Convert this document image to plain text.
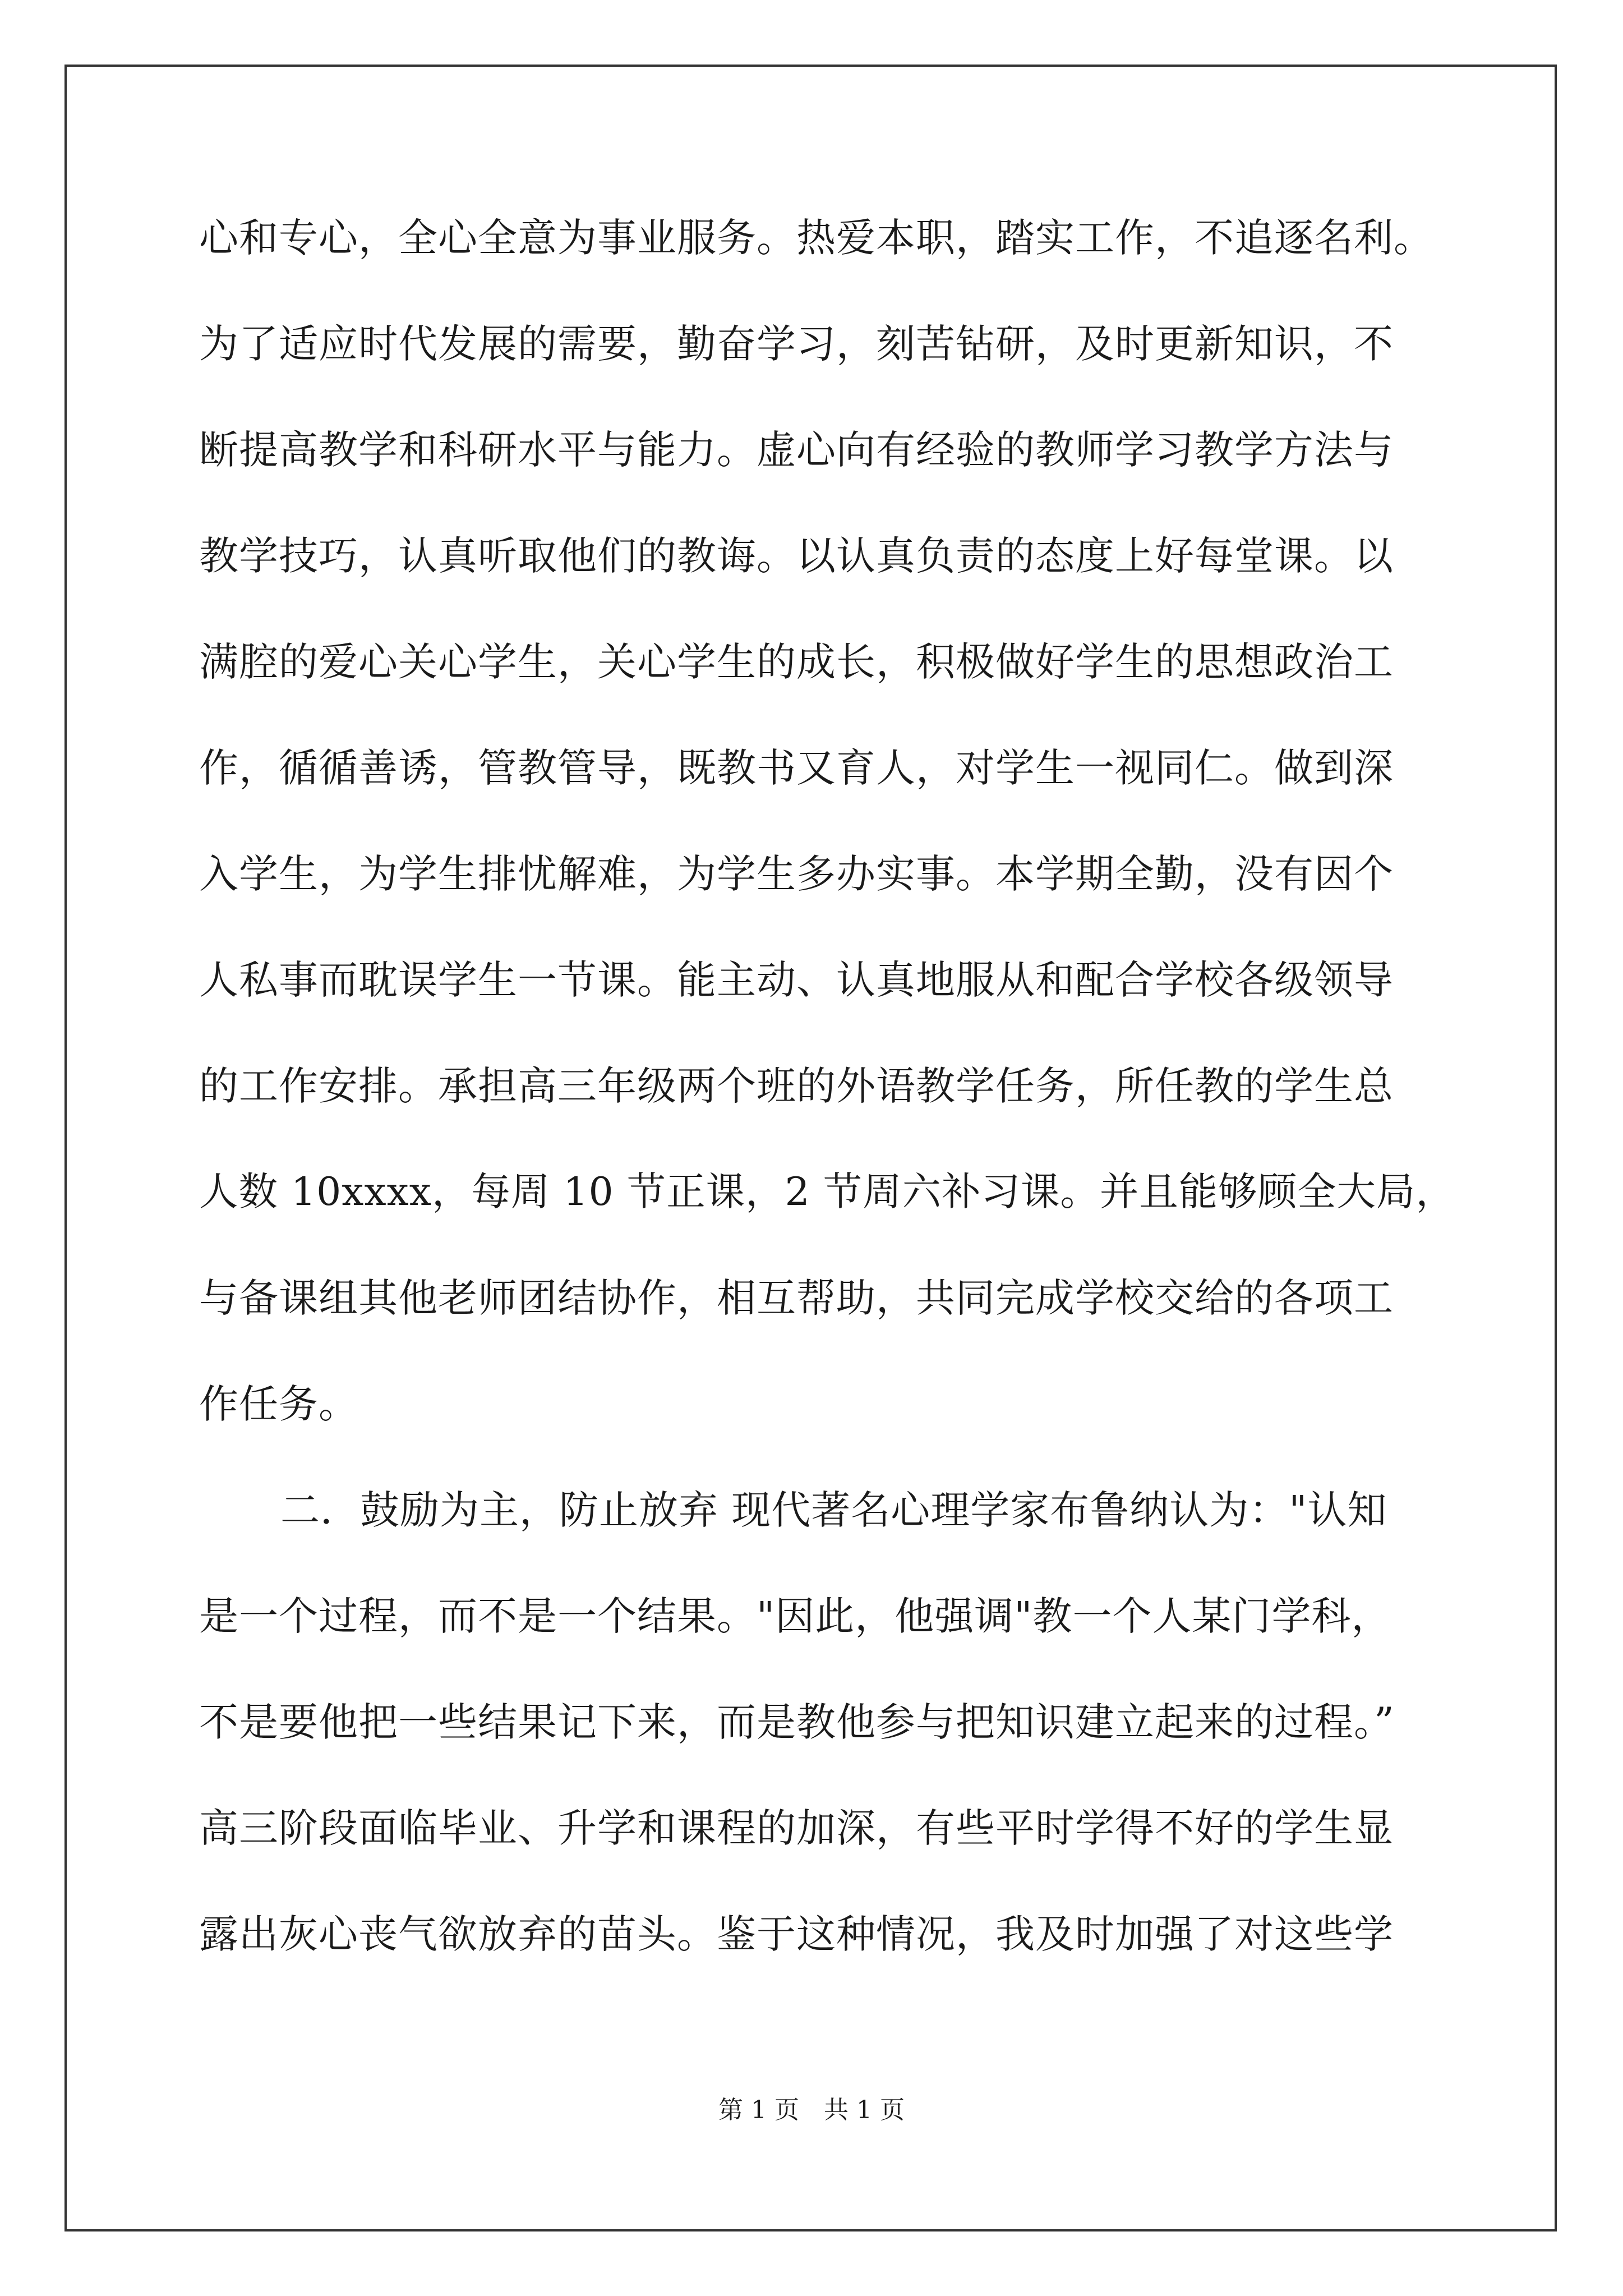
心和专心，全心全意为事业服务。热爱本职，踏实工作，不追逐名利。
为了适应时代发展的需要，勤奋学习，刻苦钻研，及时更新知识，不
断提高教学和科研水平与能力。虚心向有经验的教师学习教学方法与
教学技巧，认真听取他们的教诲。以认真负责的态度上好每堂课。以
满腔的爱心关心学生，关心学生的成长，积极做好学生的思想政治工
作，循循善诱，管教管导，既教书又育人，对学生一视同仁。做到深
入学生，为学生排忧解难，为学生多办实事。本学期全勤，没有因个
人私事而耽误学生一节课。能主动、认真地服从和配合学校各级领导
的工作安排。承担高三年级两个班的外语教学任务，所任教的学生总
人数 10xxxx，每周 10 节正课，2 节周六补习课。并且能够顾全大局，
与备课组其他老师团结协作，相互帮助，共同完成学校交给的各项工
作任务。
二．鼓励为主，防止放弃 现代著名心理学家布鲁纳认为："认知
是一个过程，而不是一个结果。"因此，他强调"教一个人某门学科，
不是要他把一些结果记下来，而是教他参与把知识建立起来的过程。”
高三阶段面临毕业、升学和课程的加深，有些平时学得不好的学生显
露出灰心丧气欲放弃的苗头。鉴于这种情况，我及时加强了对这些学
第 1 页　共 1 页
